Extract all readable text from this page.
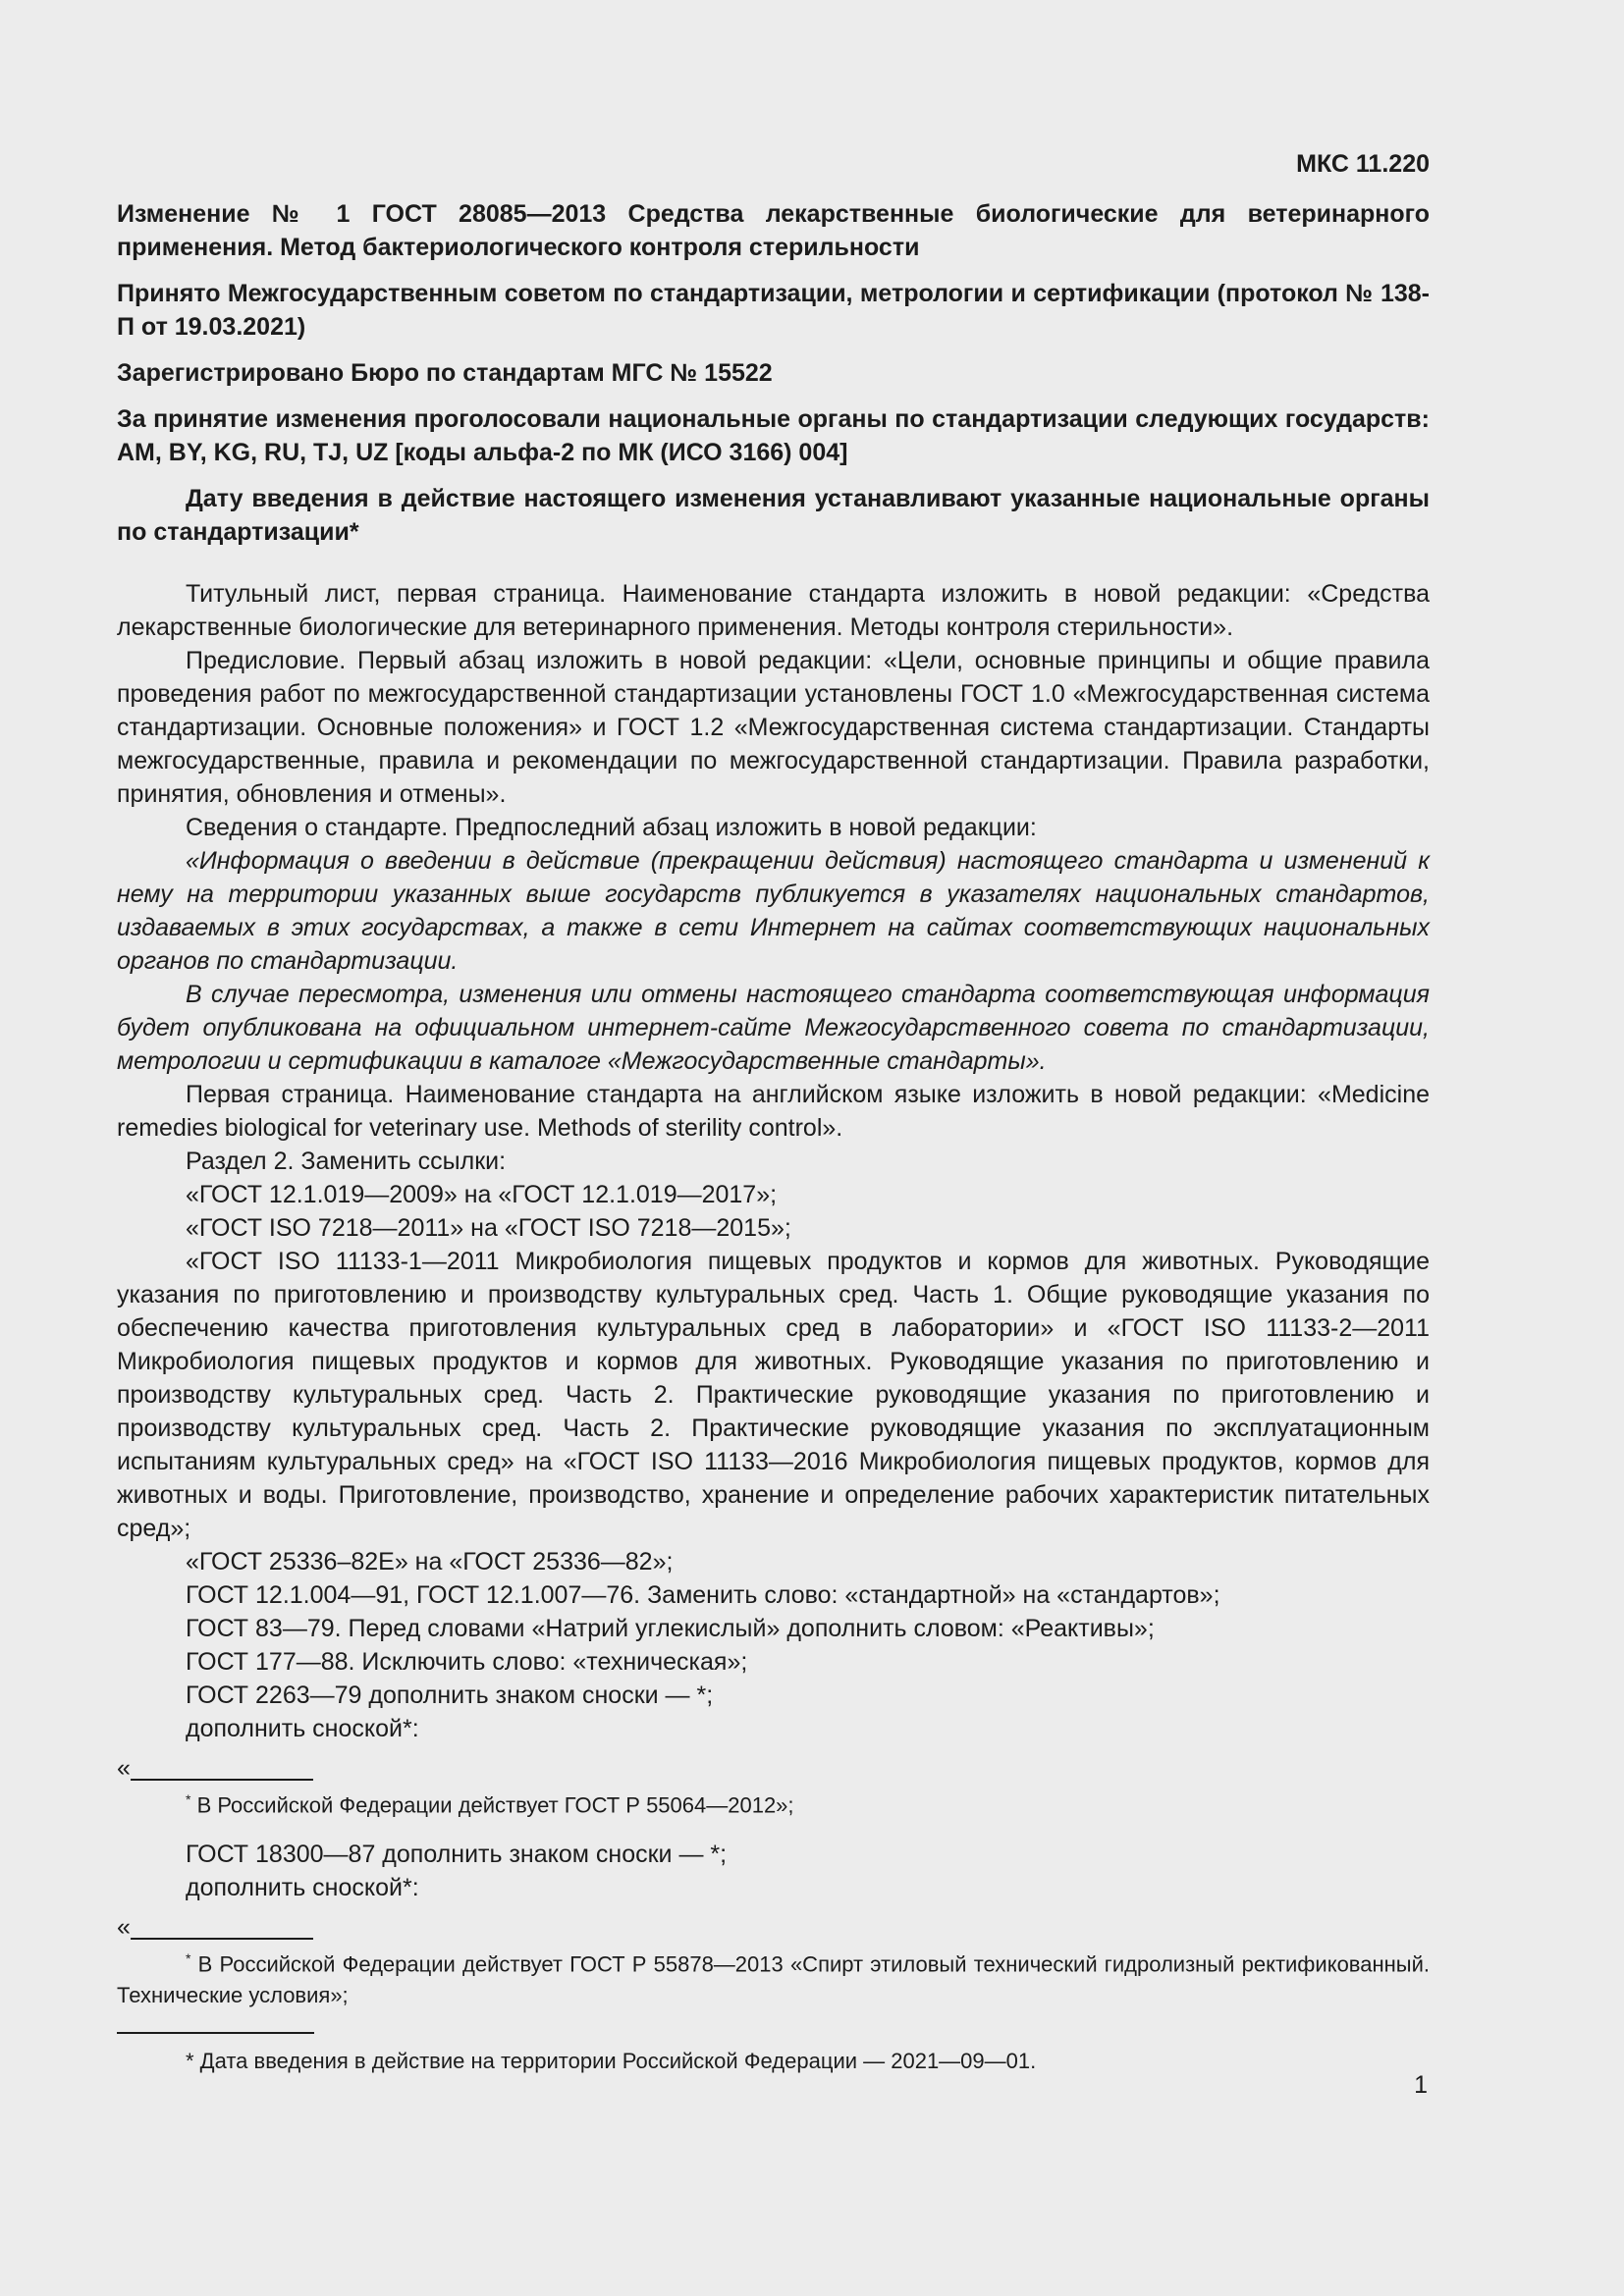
МКС 11.220
Изменение № 1 ГОСТ 28085—2013 Средства лекарственные биологические для ветеринарного применения. Метод бактериологического контроля стерильности
Принято Межгосударственным советом по стандартизации, метрологии и сертификации (протокол № 138-П от 19.03.2021)
Зарегистрировано Бюро по стандартам МГС № 15522
За принятие изменения проголосовали национальные органы по стандартизации следующих государств: AM, BY, KG, RU, TJ, UZ [коды альфа-2 по МК (ИСО 3166) 004]
Дату введения в действие настоящего изменения устанавливают указанные национальные органы по стандартизации*

Титульный лист, первая страница. Наименование стандарта изложить в новой редакции: «Средства лекарственные биологические для ветеринарного применения. Методы контроля стерильности».

Предисловие. Первый абзац изложить в новой редакции: «Цели, основные принципы и общие правила проведения работ по межгосударственной стандартизации установлены ГОСТ 1.0 «Межгосударственная система стандартизации. Основные положения» и ГОСТ 1.2 «Межгосударственная система стандартизации. Стандарты межгосударственные, правила и рекомендации по межгосударственной стандартизации. Правила разработки, принятия, обновления и отмены».

Сведения о стандарте. Предпоследний абзац изложить в новой редакции:

«Информация о введении в действие (прекращении действия) настоящего стандарта и изменений к нему на территории указанных выше государств публикуется в указателях национальных стандартов, издаваемых в этих государствах, а также в сети Интернет на сайтах соответствующих национальных органов по стандартизации.

В случае пересмотра, изменения или отмены настоящего стандарта соответствующая информация будет опубликована на официальном интернет-сайте Межгосударственного совета по стандартизации, метрологии и сертификации в каталоге «Межгосударственные стандарты».

Первая страница. Наименование стандарта на английском языке изложить в новой редакции: «Medicine remedies biological for veterinary use. Methods of sterility control».

Раздел 2. Заменить ссылки:

«ГОСТ 12.1.019—2009» на «ГОСТ 12.1.019—2017»;

«ГОСТ ISO 7218—2011» на «ГОСТ ISO 7218—2015»;

«ГОСТ ISO 11133-1—2011 Микробиология пищевых продуктов и кормов для животных. Руководящие указания по приготовлению и производству культуральных сред. Часть 1. Общие руководящие указания по обеспечению качества приготовления культуральных сред в лаборатории» и «ГОСТ ISO 11133-2—2011 Микробиология пищевых продуктов и кормов для животных. Руководящие указания по приготовлению и производству культуральных сред. Часть 2. Практические руководящие указания по приготовлению и производству культуральных сред. Часть 2. Практические руководящие указания по эксплуатационным испытаниям культуральных сред» на «ГОСТ ISO 11133—2016 Микробиология пищевых продуктов, кормов для животных и воды. Приготовление, производство, хранение и определение рабочих характеристик питательных сред»;

«ГОСТ 25336–82Е» на «ГОСТ 25336—82»;

ГОСТ 12.1.004—91, ГОСТ 12.1.007—76. Заменить слово: «стандартной» на «стандартов»;

ГОСТ 83—79. Перед словами «Натрий углекислый» дополнить словом: «Реактивы»;

ГОСТ 177—88. Исключить слово: «техническая»;

ГОСТ 2263—79 дополнить знаком сноски — *;

дополнить сноской*:

«

* В Российской Федерации действует ГОСТ Р 55064—2012»;

ГОСТ 18300—87 дополнить знаком сноски — *;

дополнить сноской*:

«

* В Российской Федерации действует ГОСТ Р 55878—2013 «Спирт этиловый технический гидролизный ректификованный. Технические условия»;

* Дата введения в действие на территории Российской Федерации — 2021—09—01.

1
